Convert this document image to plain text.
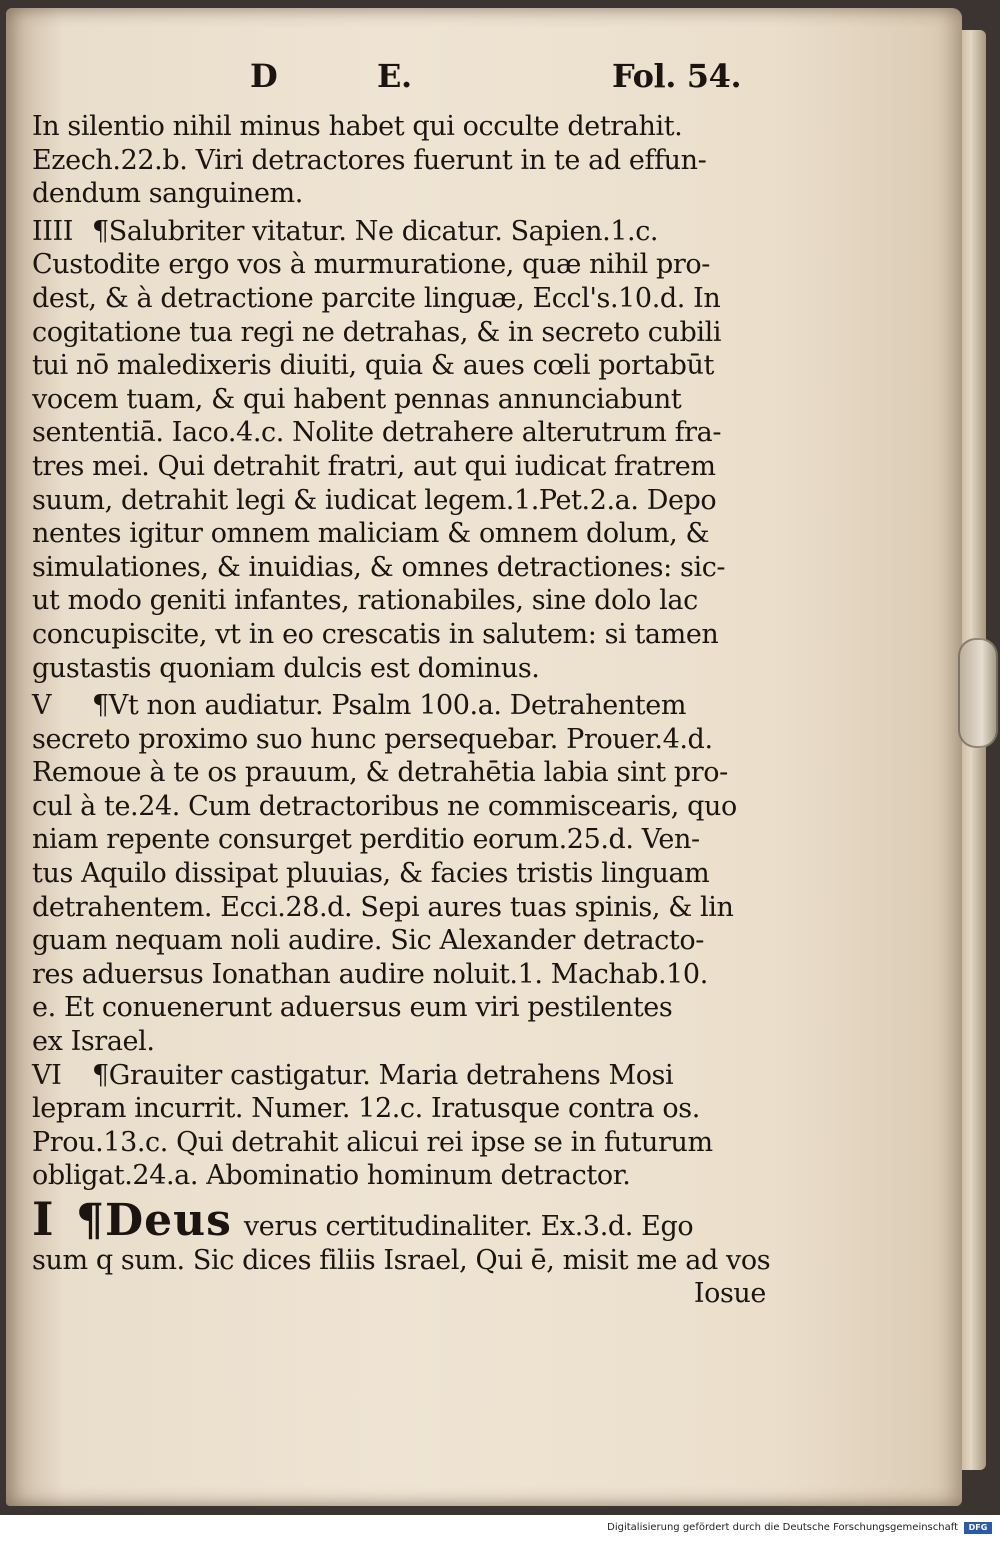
D	E.	Fol. 54.

In silentio nihil minus habet qui occulte detrahit.
Ezech.22.b. Viri detractores fuerunt in te ad effun-
dendum sanguinem.

IIII ¶Salubriter vitatur. Ne dicatur. Sapien.1.c.
Custodite ergo vos à murmuratione, quæ nihil pro-
dest, & à detractione parcite linguæ, Eccl's.10.d. In
cogitatione tua regi ne detrahas, & in secreto cubili
tui nō maledixeris diuiti, quia & aues cœli portabūt
vocem tuam, & qui habent pennas annunciabunt
sententiā. Iaco.4.c. Nolite detrahere alterutrum fra-
tres mei. Qui detrahit fratri, aut qui iudicat fratrem
suum, detrahit legi & iudicat legem.1.Pet.2.a. Depo
nentes igitur omnem maliciam & omnem dolum, &
simulationes, & inuidias, & omnes detractiones: sic-
ut modo geniti infantes, rationabiles, sine dolo lac
concupiscite, vt in eo crescatis in salutem: si tamen
gustastis quoniam dulcis est dominus.

V ¶Vt non audiatur. Psalm 100.a. Detrahentem
secreto proximo suo hunc persequebar. Prouer.4.d.
Remoue à te os prauum, & detrahētia labia sint pro-
cul à te.24. Cum detractoribus ne commiscearis, quo
niam repente consurget perditio eorum.25.d. Ven-
tus Aquilo dissipat pluuias, & facies tristis linguam
detrahentem. Ecci.28.d. Sepi aures tuas spinis, & lin
guam nequam noli audire. Sic Alexander detracto-
res aduersus Ionathan audire noluit.1. Machab.10.
e. Et conuenerunt aduersus eum viri pestilentes
ex Israel.

VI ¶Grauiter castigatur. Maria detrahens Mosi
lepram incurrit. Numer. 12.c. Iratusque contra os.
Prou.13.c. Qui detrahit alicui rei ipse se in futurum
obligat.24.a. Abominatio hominum detractor.

I ¶Deus verus certitudinaliter. Ex.3.d. Ego
sum q sum. Sic dices filiis Israel, Qui ē, misit me ad vos
Iosue

Digitalisierung gefördert durch die Deutsche Forschungsgemeinschaft	DFG
